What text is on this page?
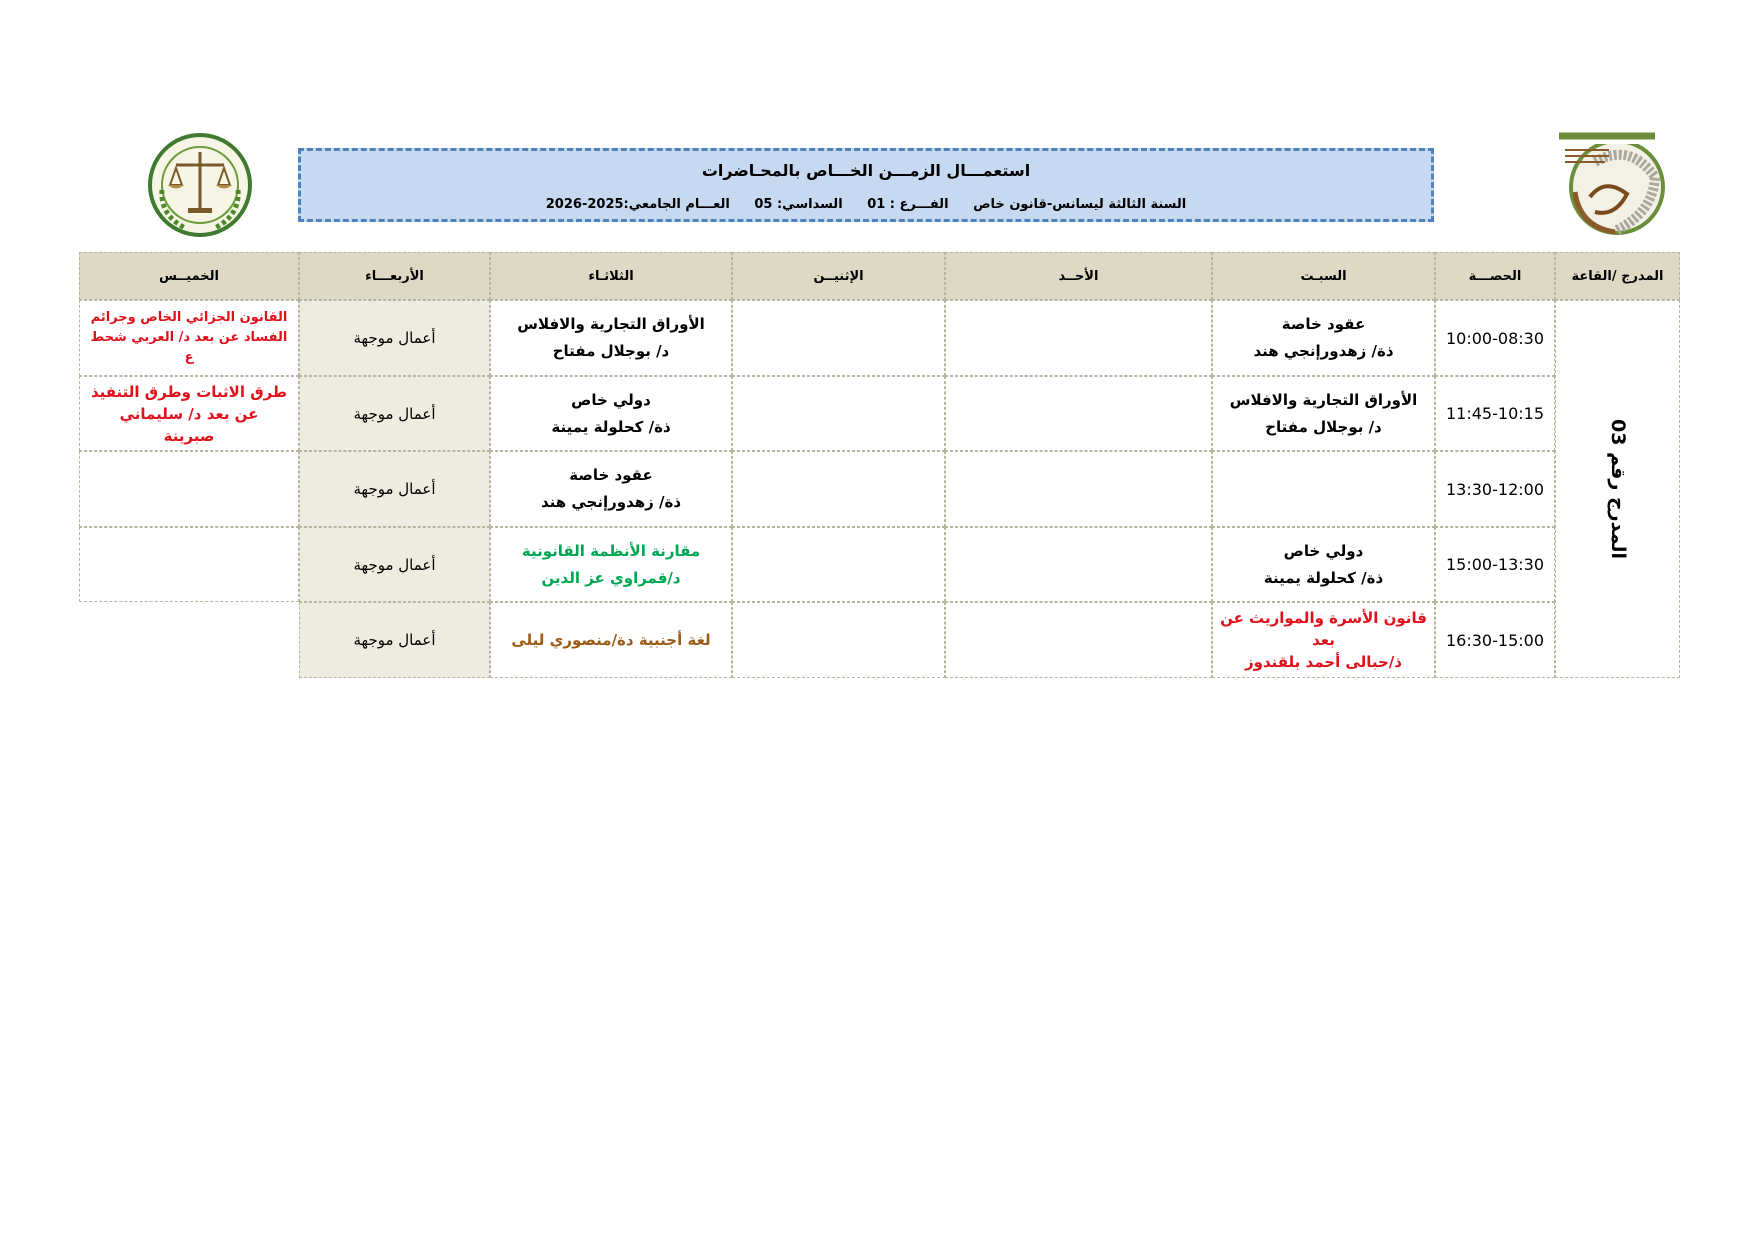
استعمـــال الزمـــن الخـــاص بالمحـاضرات
السنة الثالثة ليسانس-قانون خاص الفـــرع : 01 السداسي: 05 العـــام الجامعي:2025-2026
المدرج /القاعة
الحصـــة
السبـت
الأحــد
الإثنيــن
الثلاثـاء
الأربعـــاء
الخميــس
المدرج رقم 03
10:00-08:30
11:45-10:15
13:30-12:00
15:00-13:30
16:30-15:00
عقود خاصة
ذة/ زهدورإنجي هند
الأوراق التجارية والافلاس
د/ بوجلال مفتاح
دولي خاص
ذة/ كحلولة يمينة
قانون الأسرة والمواريث عن
بعد
ذ/حبالى أحمد بلقندوز
الأوراق التجارية والافلاس
د/ بوجلال مفتاح
دولي خاص
ذة/ كحلولة يمينة
عقود خاصة
ذة/ زهدورإنجي هند
مقارنة الأنظمة القانونية
د/قمراوي عز الدين
لغة أجنبية دة/منصوري ليلى
أعمال موجهة
أعمال موجهة
أعمال موجهة
أعمال موجهة
أعمال موجهة
القانون الجزائي الخاص وجرائم
الفساد عن بعد د/ العربي شحط
ع
طرق الاثبات وطرق التنفيذ
عن بعد د/ سليماني
صبرينة
